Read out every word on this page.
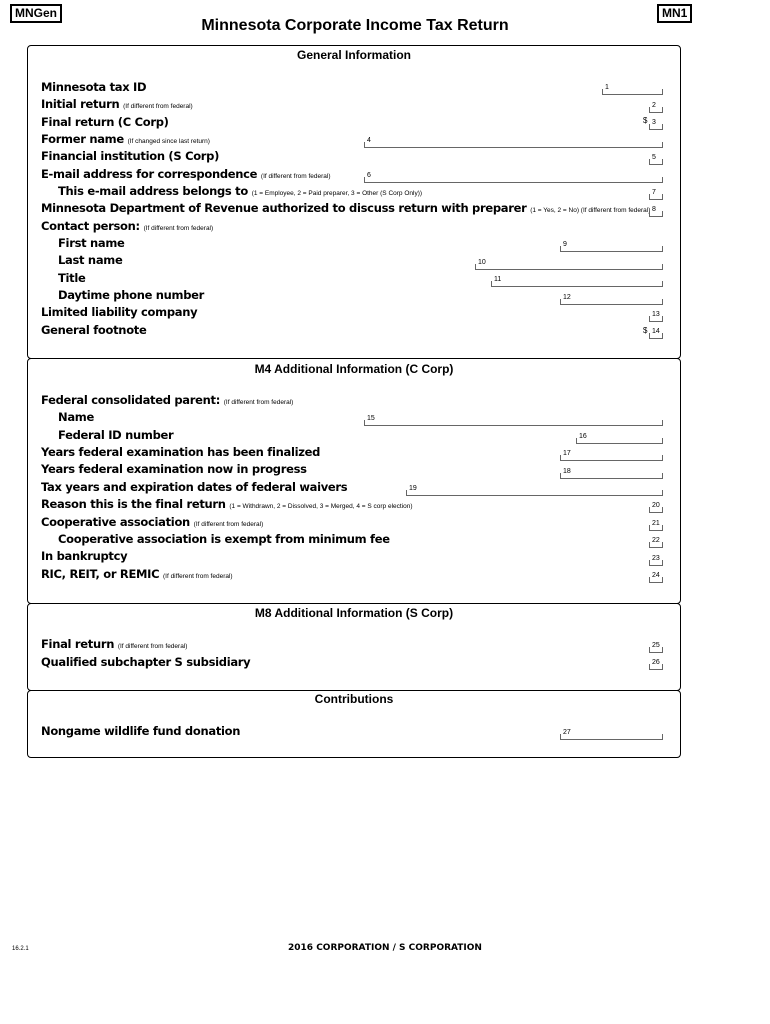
MNGen	MN1
Minnesota Corporate Income Tax Return
General Information
M4 Additional Information (C Corp)
M8 Additional Information (S Corp)
Contributions
Minnesota tax ID
Initial return (If different from federal)
Final return (C Corp)
Former name (If changed since last return)
Financial institution (S Corp)
E-mail address for correspondence (If different from federal)
This e-mail address belongs to (1 = Employee, 2 = Paid preparer, 3 = Other (S Corp Only))
Minnesota Department of Revenue authorized to discuss return with preparer (1 = Yes, 2 = No) (If different from federal)
Contact person: (If different from federal)
First name
Last name
Title
Daytime phone number
Limited liability company
General footnote
Federal consolidated parent: (If different from federal)
Name
Federal ID number
Years federal examination has been finalized
Years federal examination now in progress
Tax years and expiration dates of federal waivers
Reason this is the final return (1 = Withdrawn, 2 = Dissolved, 3 = Merged, 4 = S corp election)
Cooperative association (If different from federal)
Cooperative association is exempt from minimum fee
In bankruptcy
RIC, REIT, or REMIC (If different from federal)
Final return (If different from federal)
Qualified subchapter S subsidiary
Nongame wildlife fund donation
1
2
$ 3
4
5
6
7
8
9
10
11
12
13
$ 14
15
16
17
18
19
20
21
22
23
24
25
26
27
16.2.1	2016 CORPORATION / S CORPORATION
